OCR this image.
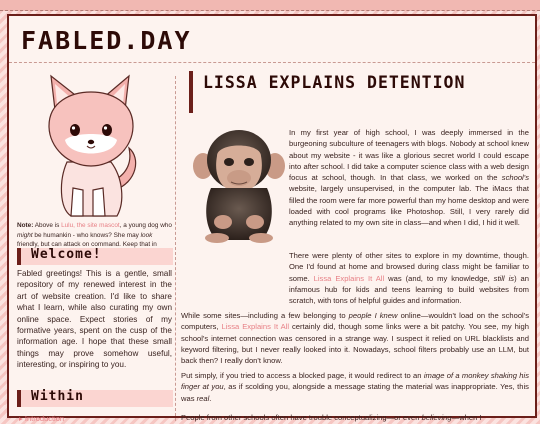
FABLED.DAY
Note: Above is Lulu, the site mascot, a young dog who might be humankin - who knows? She may look friendly, but can attack on command. Keep that in
Welcome!

Fabled greetings! This is a gentle, small repository of my renewed interest in the art of website creation. I'd like to share what I learn, while also curating my own online space. Expect stories of my formative years, spent on the cusp of the information age. I hope that these small things may prove somehow useful, interesting, or inspiring to you.

Within
▸ Introduction
LISSA EXPLAINS DETENTION

In my first year of high school, I was deeply immersed in the burgeoning subculture of teenagers with blogs. Nobody at school knew about my website - it was like a glorious secret world I could escape into after school. I did take a computer science class with a web design focus at school, though. In that class, we worked on the school's website, largely unsupervised, in the computer lab. The iMacs that filled the room were far more powerful than my home desktop and were loaded with cool programs like Photoshop. Still, I very rarely did anything related to my own site in class—and when I did, I hid it well.

There were plenty of other sites to explore in my downtime, though. One I'd found at home and browsed during class might be familiar to some. Lissa Explains It All was (and, to my knowledge, still is) an infamous hub for kids and teens learning to build websites from scratch, with tons of helpful guides and information.

While some sites—including a few belonging to people I knew online—wouldn't load on the school's computers, Lissa Explains It All certainly did, though some links were a bit patchy. You see, my high school's internet connection was censored in a strange way. I suspect it relied on URL blacklists and keyword filtering, but I never really looked into it. Nowadays, school filters probably use an LLM, but back then? I really don't know.

Put simply, if you tried to access a blocked page, it would redirect to an image of a monkey shaking his finger at you, as if scolding you, alongside a message stating the material was inappropriate. Yes, this was real.

People from other schools often have trouble conceptualizing—or even believing—when I
